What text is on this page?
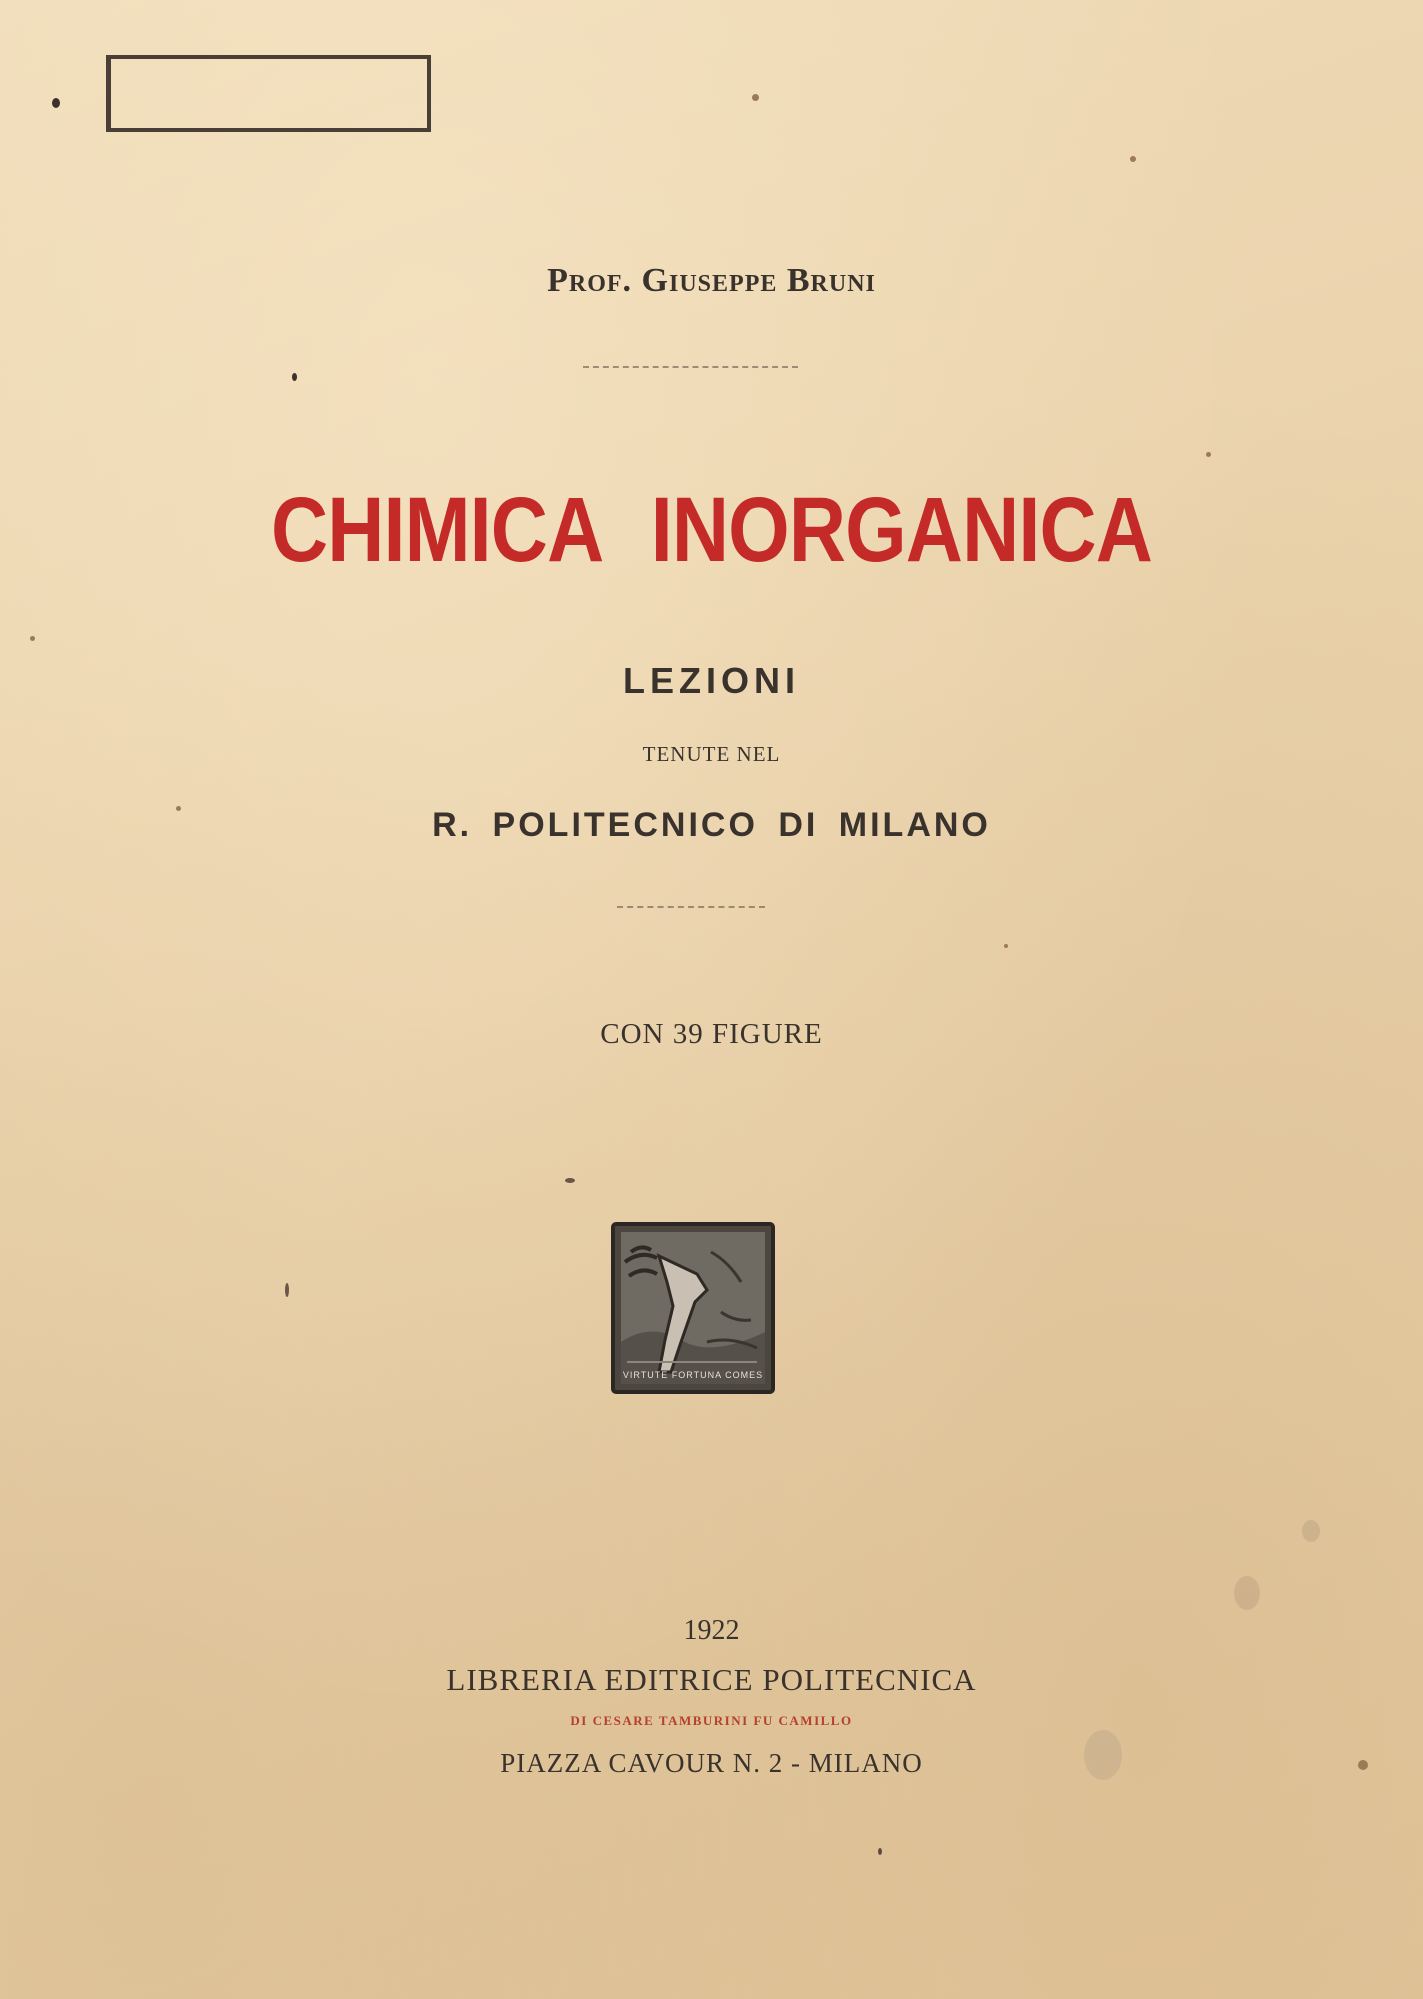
Prof. Giuseppe Bruni
CHIMICA INORGANICA
LEZIONI
TENUTE NEL
R. POLITECNICO DI MILANO
CON 39 FIGURE
VIRTUTE FORTUNA COMES
1922
LIBRERIA EDITRICE POLITECNICA
DI CESARE TAMBURINI FU CAMILLO
PIAZZA CAVOUR N. 2 - MILANO
